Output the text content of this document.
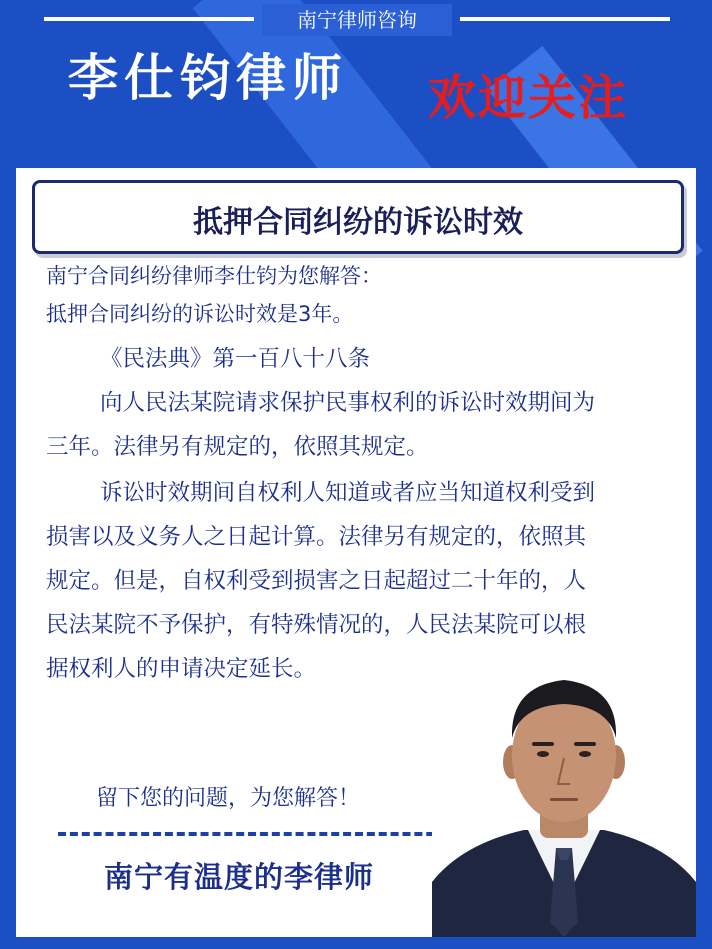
南宁律师咨询
李仕钧律师 欢迎关注
抵押合同纠纷的诉讼时效
南宁合同纠纷律师李仕钧为您解答：
抵押合同纠纷的诉讼时效是3年。
《民法典》第一百八十八条
向人民法某院请求保护民事权利的诉讼时效期间为
三年。法律另有规定的，依照其规定。
诉讼时效期间自权利人知道或者应当知道权利受到
损害以及义务人之日起计算。法律另有规定的，依照其
规定。但是，自权利受到损害之日起超过二十年的，人
民法某院不予保护，有特殊情况的，人民法某院可以根
据权利人的申请决定延长。
留下您的问题，为您解答！
南宁有温度的李律师
